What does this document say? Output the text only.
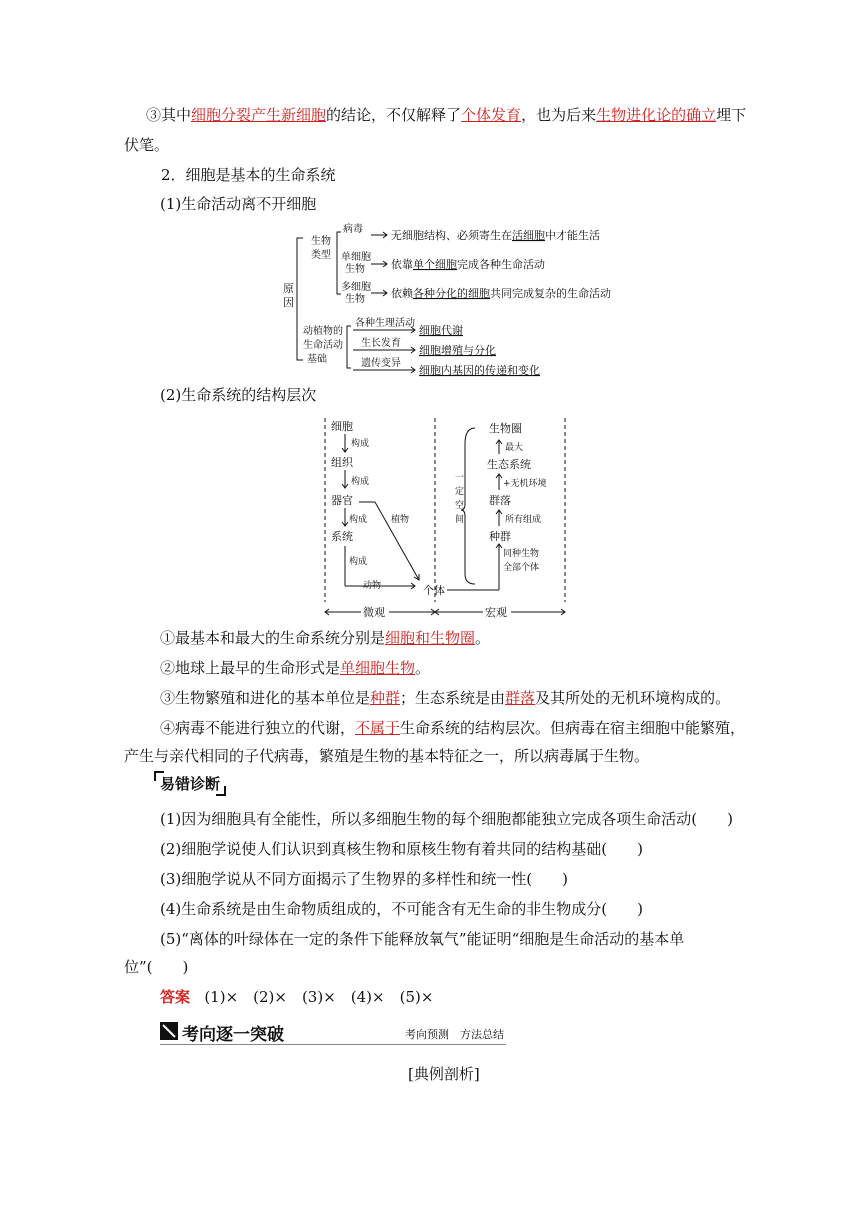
③其中细胞分裂产生新细胞的结论，不仅解释了个体发育，也为后来生物进化论的确立埋下
伏笔。
2．细胞是基本的生命系统
(1)生命活动离不开细胞
原
因
生物
类型
动植物的
生命活动
基础
病毒
单细胞
生物
多细胞
生物
无细胞结构、必须寄生在活细胞中才能生活
依靠单个细胞完成各种生命活动
依赖各种分化的细胞共同完成复杂的生命活动
各种生理活动
生长发育
遗传变异
细胞代谢
细胞增殖与分化
细胞内基因的传递和变化
(2)生命系统的结构层次
细胞
组织
器官
系统
个体
种群
群落
生态系统
生物圈
构成
构成
构成
构成
植物
动物
同种生物
全部个体
所有组成
+无机环境
最大
一
定
空
间
微观	宏观
①最基本和最大的生命系统分别是细胞和生物圈。
②地球上最早的生命形式是单细胞生物。
③生物繁殖和进化的基本单位是种群；生态系统是由群落及其所处的无机环境构成的。
④病毒不能进行独立的代谢，不属于生命系统的结构层次。但病毒在宿主细胞中能繁殖，
产生与亲代相同的子代病毒，繁殖是生物的基本特征之一，所以病毒属于生物。
易错诊断
(1)因为细胞具有全能性，所以多细胞生物的每个细胞都能独立完成各项生命活动(　　)
(2)细胞学说使人们认识到真核生物和原核生物有着共同的结构基础(　　)
(3)细胞学说从不同方面揭示了生物界的多样性和统一性(　　)
(4)生命系统是由生命物质组成的，不可能含有无生命的非生物成分(　　)
(5)“离体的叶绿体在一定的条件下能释放氧气”能证明“细胞是生命活动的基本单
位”(　　)
答案 (1)×　(2)×　(3)×　(4)×　(5)×
考向逐一突破	考向预测　方法总结
[典例剖析]
